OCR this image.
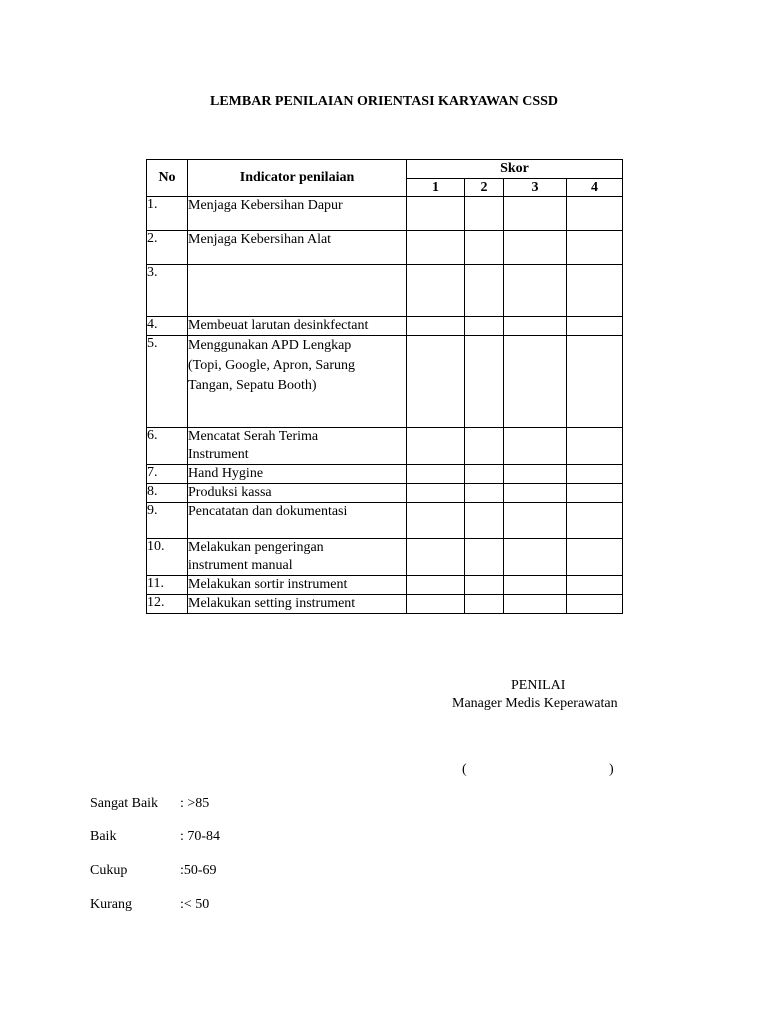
LEMBAR PENILAIAN ORIENTASI KARYAWAN CSSD
No	Indicator penilaian	Skor			
		1	2	3	4
1.	Menjaga Kebersihan Dapur				
2.	Menjaga Kebersihan Alat				
3.					
4.	Membeuat larutan desinkfectant				
5.	Menggunakan APD Lengkap
(Topi, Google, Apron, Sarung
Tangan, Sepatu Booth)				

6.	Mencatat Serah Terima
Instrument				

7.	Hand Hygine				
8.	Produksi kassa				
9.	Pencatatan dan dokumentasi				
10.	Melakukan pengeringan
instrument manual				

11.	Melakukan sortir instrument				
12.	Melakukan setting instrument				
PENILAI
Manager Medis Keperawatan
(	)
Sangat Baik : >85
Baik	: 70-84
Cukup	:50-69
Kurang	:< 50
